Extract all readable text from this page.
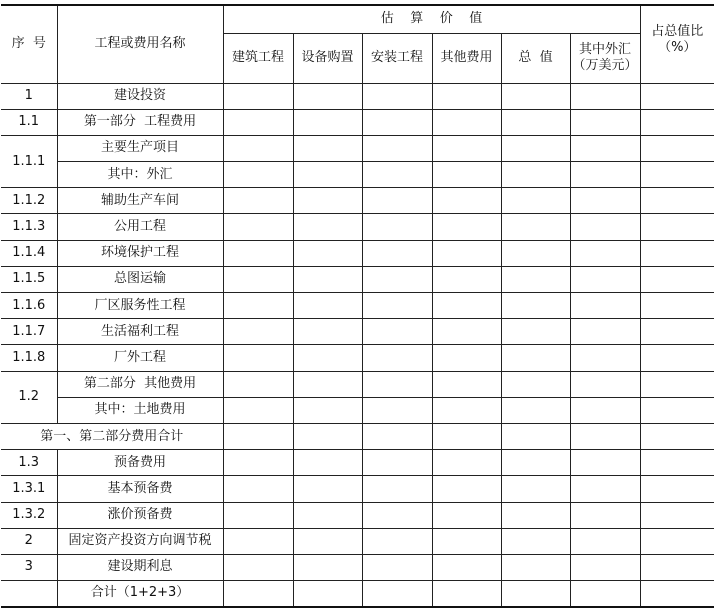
序  号	工程或费用名称	估    算    价    值						占总值比
（%）

		建筑工程	设备购置	安装工程	其他费用	总  值	其中外汇
（万美元）	

1	建设投资							
1.1	第一部分  工程费用							
1.1.1	主要生产项目							
	其中：外汇							
1.1.2	辅助生产车间							
1.1.3	公用工程							
1.1.4	环境保护工程							
1.1.5	总图运输							
1.1.6	厂区服务性工程							
1.1.7	生活福利工程							
1.1.8	厂外工程							
1.2	第二部分  其他费用							
	其中：土地费用							
第一、第二部分费用合计								
1.3	预备费用							
1.3.1	基本预备费							
1.3.2	涨价预备费							
2	固定资产投资方向调节税							
3	建设期利息							
	合计（1+2+3）							
